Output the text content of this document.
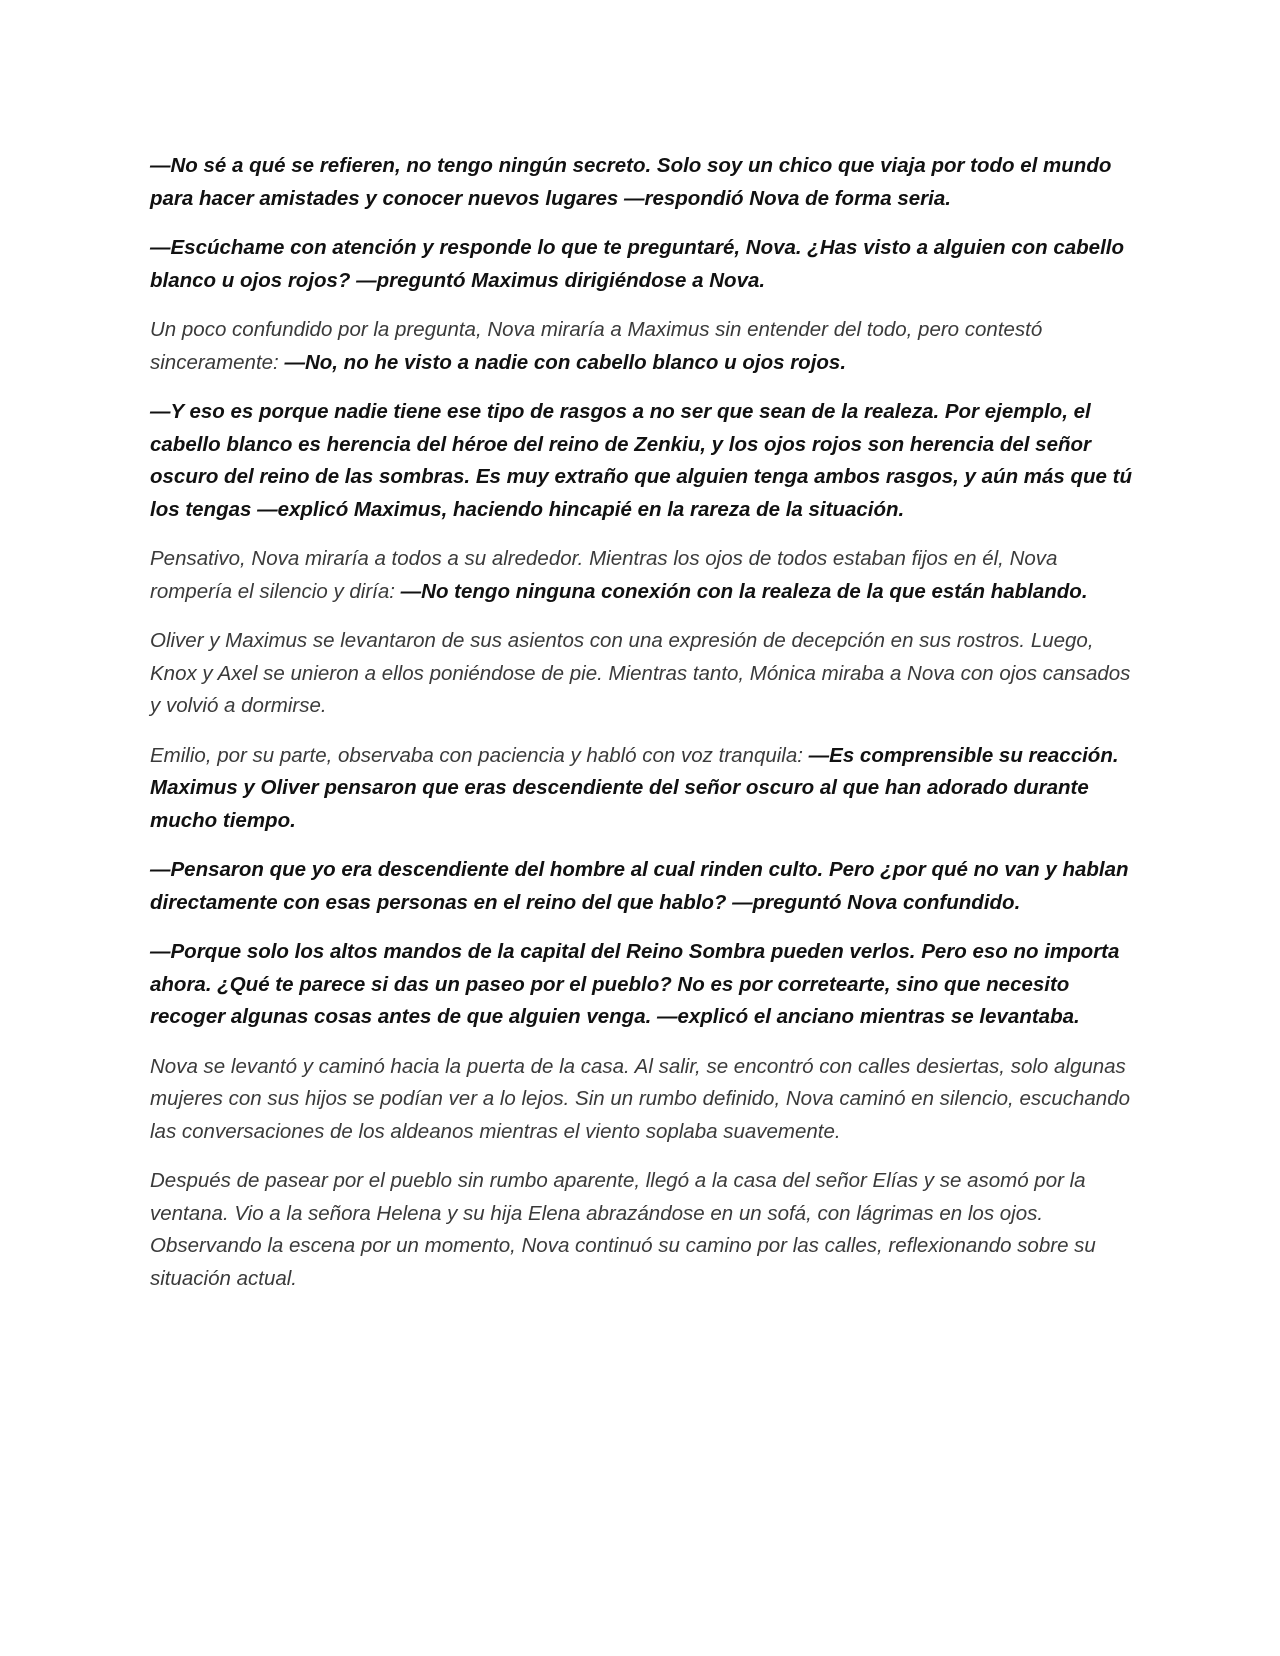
—No sé a qué se refieren, no tengo ningún secreto. Solo soy un chico que viaja por todo el mundo para hacer amistades y conocer nuevos lugares —respondió Nova de forma seria.

—Escúchame con atención y responde lo que te preguntaré, Nova. ¿Has visto a alguien con cabello blanco u ojos rojos? —preguntó Maximus dirigiéndose a Nova.

Un poco confundido por la pregunta, Nova miraría a Maximus sin entender del todo, pero contestó sinceramente: —No, no he visto a nadie con cabello blanco u ojos rojos.

—Y eso es porque nadie tiene ese tipo de rasgos a no ser que sean de la realeza. Por ejemplo, el cabello blanco es herencia del héroe del reino de Zenkiu, y los ojos rojos son herencia del señor oscuro del reino de las sombras. Es muy extraño que alguien tenga ambos rasgos, y aún más que tú los tengas —explicó Maximus, haciendo hincapié en la rareza de la situación.

Pensativo, Nova miraría a todos a su alrededor. Mientras los ojos de todos estaban fijos en él, Nova rompería el silencio y diría: —No tengo ninguna conexión con la realeza de la que están hablando.

Oliver y Maximus se levantaron de sus asientos con una expresión de decepción en sus rostros. Luego, Knox y Axel se unieron a ellos poniéndose de pie. Mientras tanto, Mónica miraba a Nova con ojos cansados y volvió a dormirse.

Emilio, por su parte, observaba con paciencia y habló con voz tranquila: —Es comprensible su reacción. Maximus y Oliver pensaron que eras descendiente del señor oscuro al que han adorado durante mucho tiempo.

—Pensaron que yo era descendiente del hombre al cual rinden culto. Pero ¿por qué no van y hablan directamente con esas personas en el reino del que hablo? —preguntó Nova confundido.

—Porque solo los altos mandos de la capital del Reino Sombra pueden verlos. Pero eso no importa ahora. ¿Qué te parece si das un paseo por el pueblo? No es por corretearte, sino que necesito recoger algunas cosas antes de que alguien venga. —explicó el anciano mientras se levantaba.

Nova se levantó y caminó hacia la puerta de la casa. Al salir, se encontró con calles desiertas, solo algunas mujeres con sus hijos se podían ver a lo lejos. Sin un rumbo definido, Nova caminó en silencio, escuchando las conversaciones de los aldeanos mientras el viento soplaba suavemente.

Después de pasear por el pueblo sin rumbo aparente, llegó a la casa del señor Elías y se asomó por la ventana. Vio a la señora Helena y su hija Elena abrazándose en un sofá, con lágrimas en los ojos. Observando la escena por un momento, Nova continuó su camino por las calles, reflexionando sobre su situación actual.
